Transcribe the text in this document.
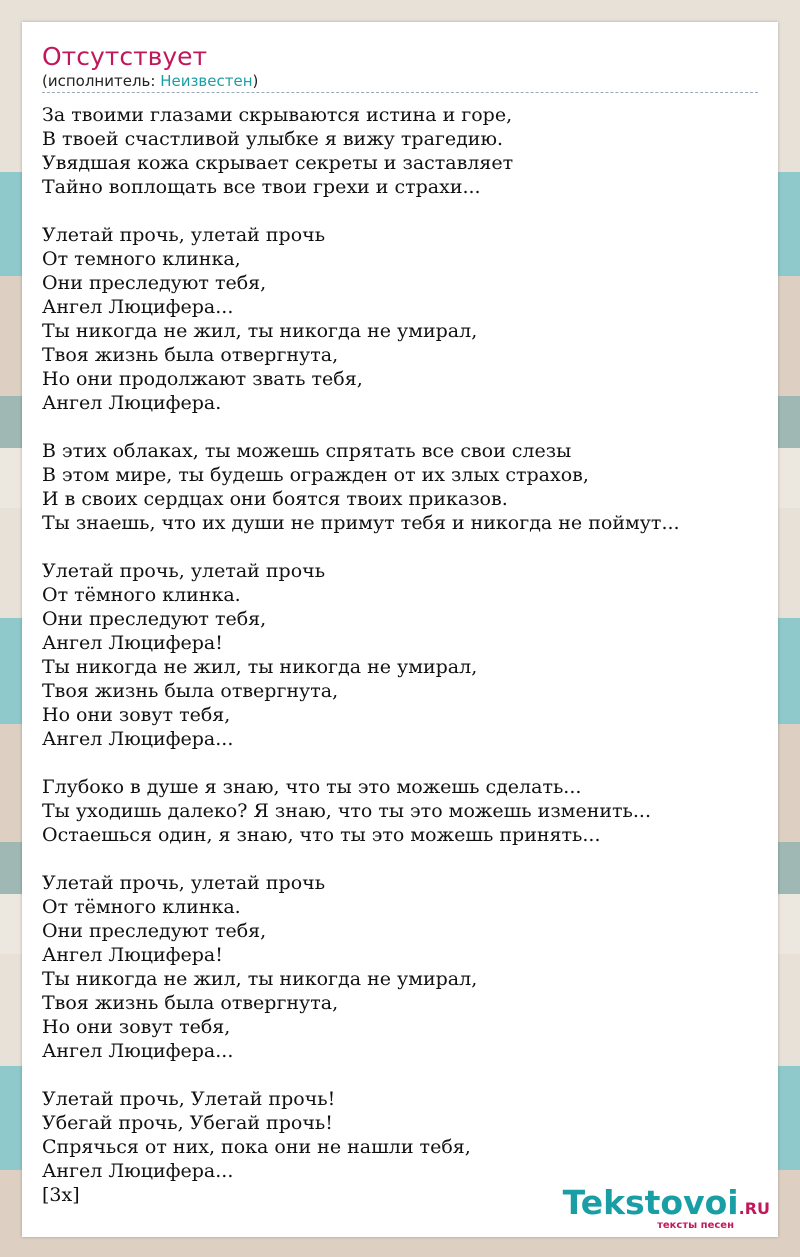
Отсутствует
(исполнитель: Неизвестен)
За твоими глазами скрываются истина и горе,
В твоей счастливой улыбке я вижу трагедию.
Увядшая кожа скрывает секреты и заставляет
Тайно воплощать все твои грехи и страхи...
Улетай прочь, улетай прочь
От темного клинка,
Они преследуют тебя,
Ангел Люцифера...
Ты никогда не жил, ты никогда не умирал,
Твоя жизнь была отвергнута,
Но они продолжают звать тебя,
Ангел Люцифера.
В этих облаках, ты можешь спрятать все свои слезы
В этом мире, ты будешь огражден от их злых страхов,
И в своих сердцах они боятся твоих приказов.
Ты знаешь, что их души не примут тебя и никогда не поймут...
Улетай прочь, улетай прочь
От тёмного клинка.
Они преследуют тебя,
Ангел Люцифера!
Ты никогда не жил, ты никогда не умирал,
Твоя жизнь была отвергнута,
Но они зовут тебя,
Ангел Люцифера...
Глубоко в душе я знаю, что ты это можешь сделать...
Ты уходишь далеко? Я знаю, что ты это можешь изменить...
Остаешься один, я знаю, что ты это можешь принять...
Улетай прочь, улетай прочь
От тёмного клинка.
Они преследуют тебя,
Ангел Люцифера!
Ты никогда не жил, ты никогда не умирал,
Твоя жизнь была отвергнута,
Но они зовут тебя,
Ангел Люцифера...
Улетай прочь, Улетай прочь!
Убегай прочь, Убегай прочь!
Спрячься от них, пока они не нашли тебя,
Ангел Люцифера...
[3x]	Tekstovoi.RU
тексты песен
